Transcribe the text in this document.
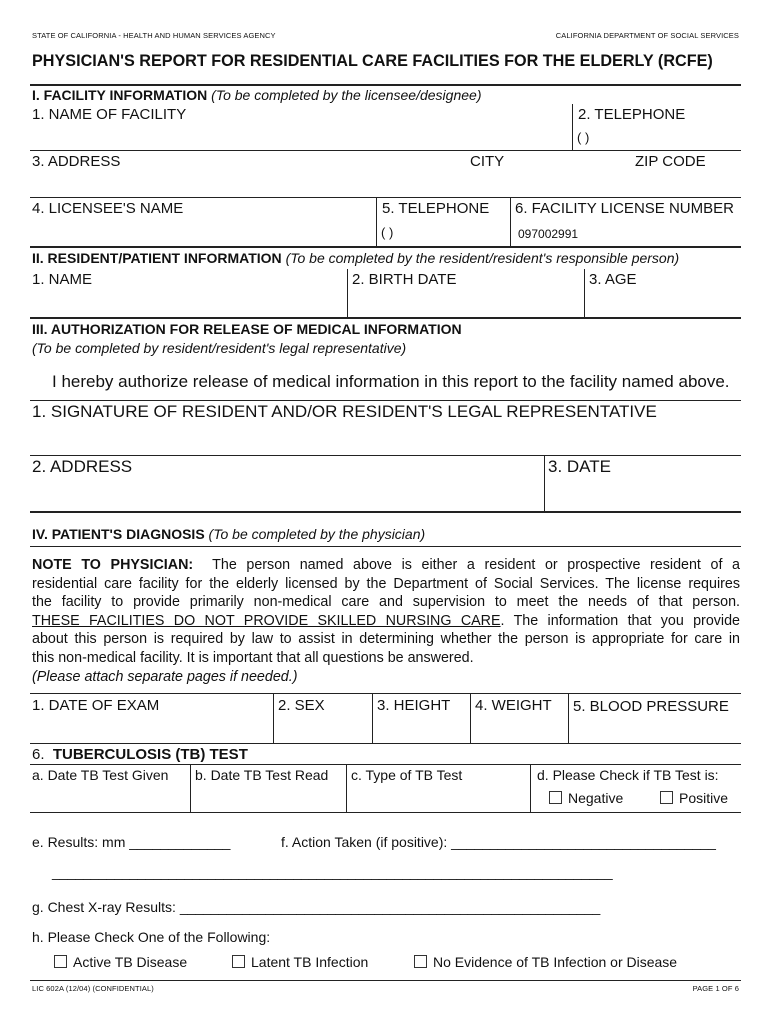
STATE OF CALIFORNIA - HEALTH AND HUMAN SERVICES AGENCY	CALIFORNIA DEPARTMENT OF SOCIAL SERVICES
PHYSICIAN'S REPORT FOR RESIDENTIAL CARE FACILITIES FOR THE ELDERLY (RCFE)
I. FACILITY INFORMATION (To be completed by the licensee/designee)
1. NAME OF FACILITY	2. TELEPHONE
( )
3. ADDRESS	CITY	ZIP CODE
4. LICENSEE'S NAME	5. TELEPHONE
( )
6. FACILITY LICENSE NUMBER
097002991
II. RESIDENT/PATIENT INFORMATION (To be completed by the resident/resident's responsible person)
1. NAME	2. BIRTH DATE	3. AGE
III. AUTHORIZATION FOR RELEASE OF MEDICAL INFORMATION
(To be completed by resident/resident's legal representative)
I hereby authorize release of medical information in this report to the facility named above.
1. SIGNATURE OF RESIDENT AND/OR RESIDENT'S LEGAL REPRESENTATIVE
2. ADDRESS	3. DATE
IV. PATIENT'S DIAGNOSIS (To be completed by the physician)
NOTE TO PHYSICIAN: The person named above is either a resident or prospective resident of a
residential care facility for the elderly licensed by the Department of Social Services. The license requires
the facility to provide primarily non-medical care and supervision to meet the needs of that person.
THESE FACILITIES DO NOT PROVIDE SKILLED NURSING CARE. The information that you provide
about this person is required by law to assist in determining whether the person is appropriate for care in
this non-medical facility. It is important that all questions be answered.
(Please attach separate pages if needed.)
1. DATE OF EXAM	2. SEX	3. HEIGHT 4. WEIGHT 5. BLOOD PRESSURE
6. TUBERCULOSIS (TB) TEST
a. Date TB Test Given b. Date TB Test Read c. Type of TB Test	d. Please Check if TB Test is:
Negative	Positive
e. Results: mm _____________	f. Action Taken (if positive): __________________________________
________________________________________________________________________
g. Chest X-ray Results: ______________________________________________________
h. Please Check One of the Following:
Active TB Disease	Latent TB Infection	No Evidence of TB Infection or Disease
LIC 602A (12/04) (CONFIDENTIAL)	PAGE 1 OF 6
